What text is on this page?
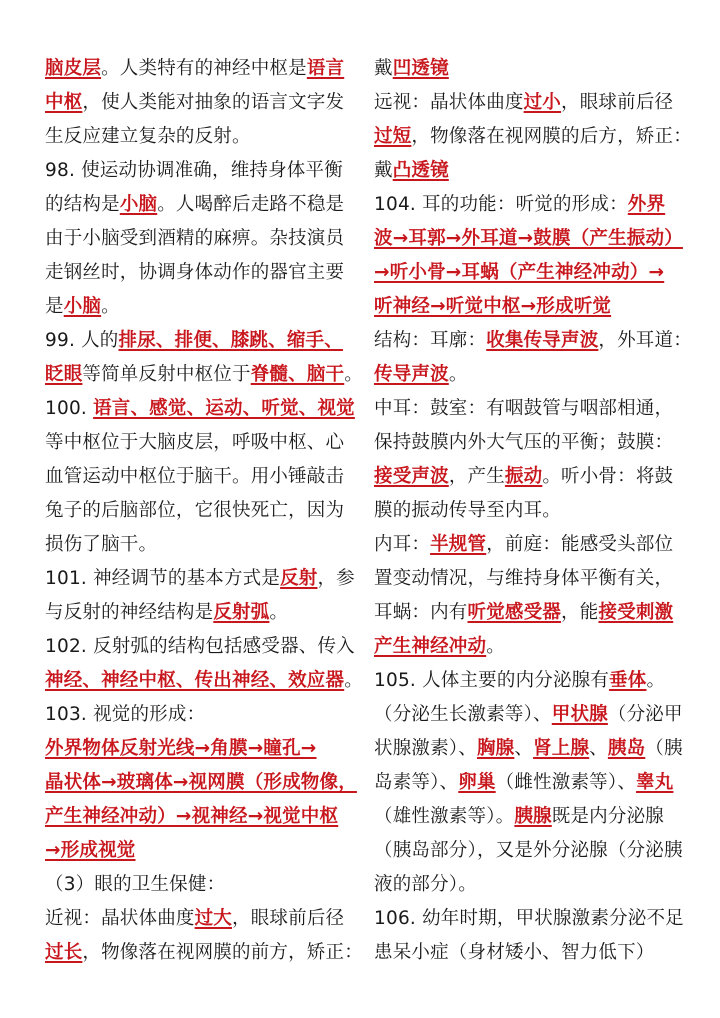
脑皮层。人类特有的神经中枢是语言
中枢，使人类能对抽象的语言文字发
生反应建立复杂的反射。
98. 使运动协调准确，维持身体平衡
的结构是小脑。人喝醉后走路不稳是
由于小脑受到酒精的麻痹。杂技演员
走钢丝时，协调身体动作的器官主要
是小脑。
99. 人的排尿、排便、膝跳、缩手、
眨眼等简单反射中枢位于脊髓、脑干。
100. 语言、感觉、运动、听觉、视觉
等中枢位于大脑皮层，呼吸中枢、心
血管运动中枢位于脑干。用小锤敲击
兔子的后脑部位，它很快死亡，因为
损伤了脑干。
101. 神经调节的基本方式是反射，参
与反射的神经结构是反射弧。
102. 反射弧的结构包括感受器、传入
神经、神经中枢、传出神经、效应器。
103. 视觉的形成：
外界物体反射光线→角膜→瞳孔→
晶状体→玻璃体→视网膜（形成物像，
产生神经冲动）→视神经→视觉中枢
→形成视觉
（3）眼的卫生保健：
近视：晶状体曲度过大，眼球前后径
过长，物像落在视网膜的前方，矫正：
戴凹透镜
远视：晶状体曲度过小，眼球前后径
过短，物像落在视网膜的后方，矫正：
戴凸透镜
104. 耳的功能：听觉的形成：外界
波→耳郭→外耳道→鼓膜（产生振动）
→听小骨→耳蜗（产生神经冲动）→
听神经→听觉中枢→形成听觉
结构：耳廓：收集传导声波，外耳道：
传导声波。
中耳：鼓室：有咽鼓管与咽部相通，
保持鼓膜内外大气压的平衡；鼓膜：
接受声波，产生振动。听小骨：将鼓
膜的振动传导至内耳。
内耳：半规管，前庭：能感受头部位
置变动情况，与维持身体平衡有关，
耳蜗：内有听觉感受器，能接受刺激
产生神经冲动。
105. 人体主要的内分泌腺有垂体。
（分泌生长激素等）、甲状腺（分泌甲
状腺激素）、胸腺、肾上腺、胰岛（胰
岛素等）、卵巢（雌性激素等）、睾丸
（雄性激素等）。胰腺既是内分泌腺
（胰岛部分），又是外分泌腺（分泌胰
液的部分）。
106. 幼年时期，甲状腺激素分泌不足
患呆小症（身材矮小、智力低下）
